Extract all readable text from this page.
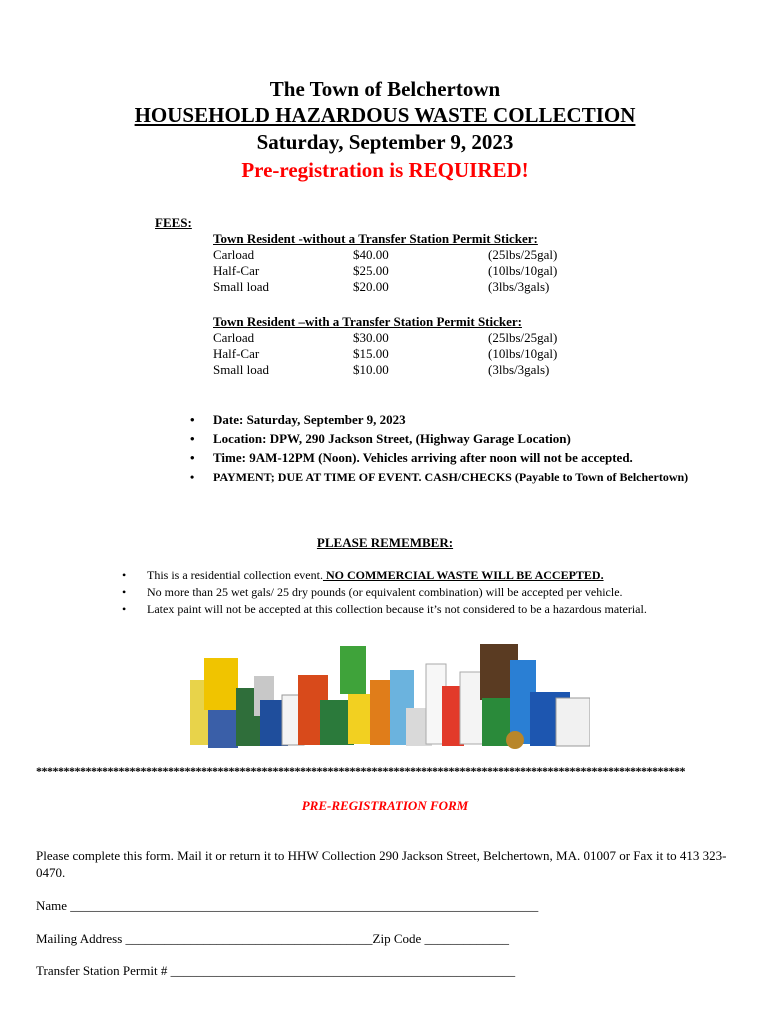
The Town of Belchertown
HOUSEHOLD HAZARDOUS WASTE COLLECTION
Saturday, September 9, 2023
Pre-registration is REQUIRED!
FEES:
Town Resident -without a Transfer Station Permit Sticker:
Carload	$40.00	(25lbs/25gal)
Half-Car	$25.00	(10lbs/10gal)
Small load	$20.00	(3lbs/3gals)
Town Resident –with a Transfer Station Permit Sticker:
Carload	$30.00	(25lbs/25gal)
Half-Car	$15.00	(10lbs/10gal)
Small load	$10.00	(3lbs/3gals)
• Date: Saturday, September 9, 2023
• Location: DPW, 290 Jackson Street, (Highway Garage Location)
• Time: 9AM-12PM (Noon). Vehicles arriving after noon will not be accepted.
• PAYMENT; DUE AT TIME OF EVENT. CASH/CHECKS (Payable to Town of Belchertown)
PLEASE REMEMBER:
• This is a residential collection event. NO COMMERCIAL WASTE WILL BE ACCEPTED.
• No more than 25 wet gals/ 25 dry pounds (or equivalent combination) will be accepted per vehicle.
• Latex paint will not be accepted at this collection because it’s not considered to be a hazardous material.
**********************************************************************************************************************
PRE-REGISTRATION FORM
Please complete this form. Mail it or return it to HHW Collection 290 Jackson Street, Belchertown, MA. 01007 or Fax it to 413 323-0470.
Name ________________________________________________________________________
Mailing Address ______________________________________Zip Code _____________
Transfer Station Permit # _____________________________________________________
